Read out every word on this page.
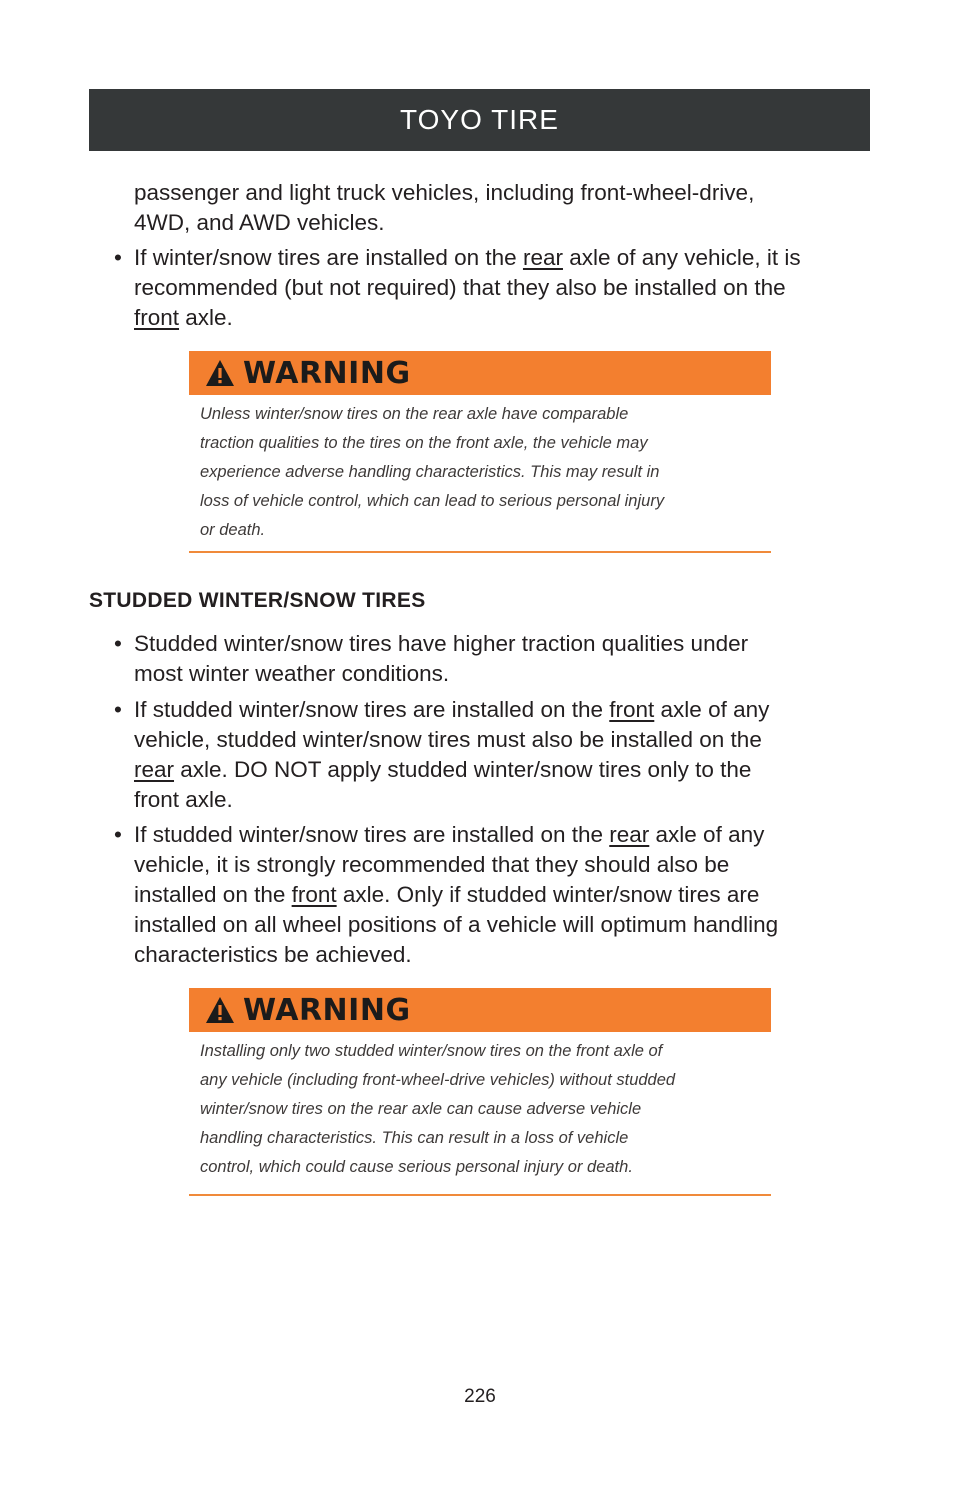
TOYO TIRE
passenger and light truck vehicles, including front-wheel-drive,
4WD, and AWD vehicles.
• If winter/snow tires are installed on the rear axle of any vehicle, it is
recommended (but not required) that they also be installed on the
front axle.
WARNING
Unless winter/snow tires on the rear axle have comparable
traction qualities to the tires on the front axle, the vehicle may
experience adverse handling characteristics. This may result in
loss of vehicle control, which can lead to serious personal injury
or death.
STUDDED WINTER/SNOW TIRES
• Studded winter/snow tires have higher traction qualities under
most winter weather conditions.
• If studded winter/snow tires are installed on the front axle of any
vehicle, studded winter/snow tires must also be installed on the
rear axle. DO NOT apply studded winter/snow tires only to the
front axle.
• If studded winter/snow tires are installed on the rear axle of any
vehicle, it is strongly recommended that they should also be
installed on the front axle. Only if studded winter/snow tires are
installed on all wheel positions of a vehicle will optimum handling
characteristics be achieved.
WARNING
Installing only two studded winter/snow tires on the front axle of
any vehicle (including front-wheel-drive vehicles) without studded
winter/snow tires on the rear axle can cause adverse vehicle
handling characteristics. This can result in a loss of vehicle
control, which could cause serious personal injury or death.
226
